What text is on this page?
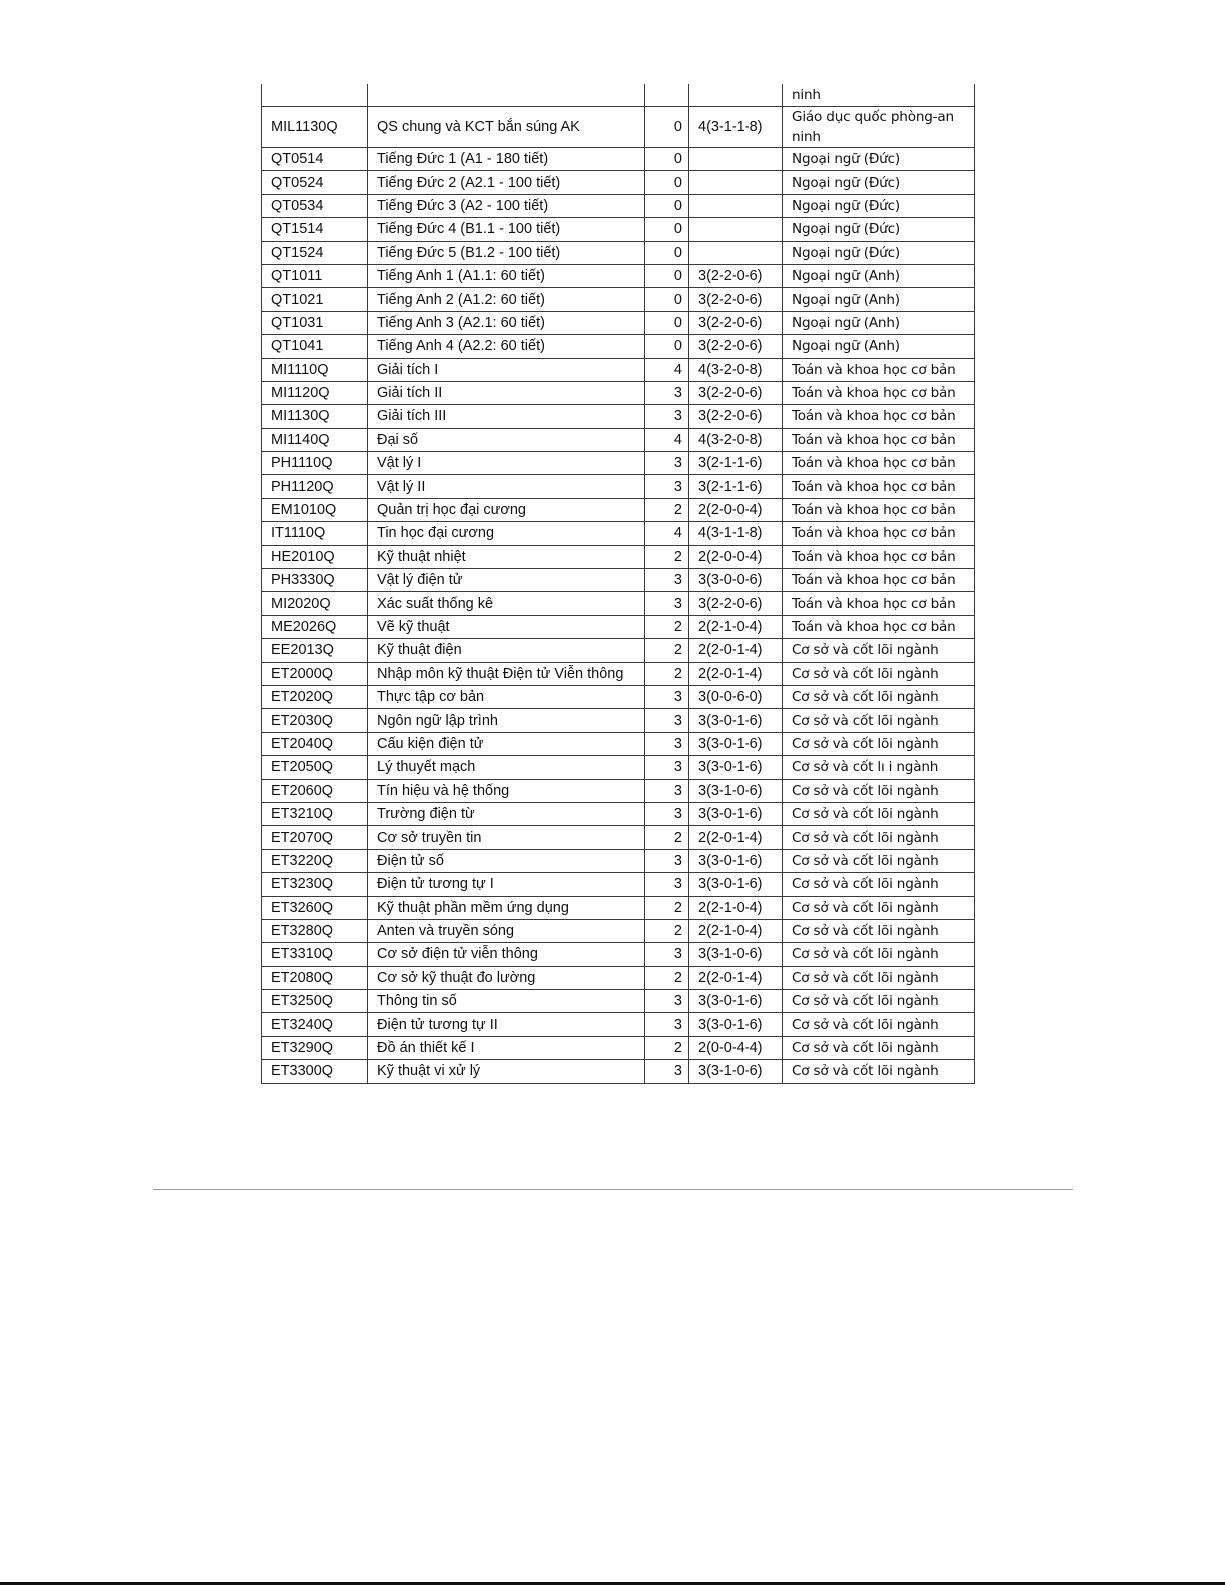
				ninh
MIL1130Q	QS chung và KCT bắn súng AK	0	4(3-1-1-8)	Giáo dục quốc phòng-an ninh
QT0514	Tiếng Đức 1 (A1 - 180 tiết)	0		Ngoại ngữ (Đức)
QT0524	Tiếng Đức 2 (A2.1 - 100 tiết)	0		Ngoại ngữ (Đức)
QT0534	Tiếng Đức 3 (A2 - 100 tiết)	0		Ngoại ngữ (Đức)
QT1514	Tiếng Đức 4 (B1.1 - 100 tiết)	0		Ngoại ngữ (Đức)
QT1524	Tiếng Đức 5 (B1.2 - 100 tiết)	0		Ngoại ngữ (Đức)
QT1011	Tiếng Anh 1 (A1.1: 60 tiết)	0	3(2-2-0-6)	Ngoại ngữ (Anh)
QT1021	Tiếng Anh 2 (A1.2: 60 tiết)	0	3(2-2-0-6)	Ngoại ngữ (Anh)
QT1031	Tiếng Anh 3 (A2.1: 60 tiết)	0	3(2-2-0-6)	Ngoại ngữ (Anh)
QT1041	Tiếng Anh 4 (A2.2: 60 tiết)	0	3(2-2-0-6)	Ngoại ngữ (Anh)
MI1110Q	Giải tích I	4	4(3-2-0-8)	Toán và khoa học cơ bản
MI1120Q	Giải tích II	3	3(2-2-0-6)	Toán và khoa học cơ bản
MI1130Q	Giải tích III	3	3(2-2-0-6)	Toán và khoa học cơ bản
MI1140Q	Đại số	4	4(3-2-0-8)	Toán và khoa học cơ bản
PH1110Q	Vật lý I	3	3(2-1-1-6)	Toán và khoa học cơ bản
PH1120Q	Vật lý II	3	3(2-1-1-6)	Toán và khoa học cơ bản
EM1010Q	Quản trị học đại cương	2	2(2-0-0-4)	Toán và khoa học cơ bản
IT1110Q	Tin học đại cương	4	4(3-1-1-8)	Toán và khoa học cơ bản
HE2010Q	Kỹ thuật nhiệt	2	2(2-0-0-4)	Toán và khoa học cơ bản
PH3330Q	Vật lý điện tử	3	3(3-0-0-6)	Toán và khoa học cơ bản
MI2020Q	Xác suất thống kê	3	3(2-2-0-6)	Toán và khoa học cơ bản
ME2026Q	Vẽ kỹ thuật	2	2(2-1-0-4)	Toán và khoa học cơ bản
EE2013Q	Kỹ thuật điện	2	2(2-0-1-4)	Cơ sở và cốt lõi ngành
ET2000Q	Nhập môn kỹ thuật Điện tử Viễn thông	2	2(2-0-1-4)	Cơ sở và cốt lõi ngành
ET2020Q	Thực tập cơ bản	3	3(0-0-6-0)	Cơ sở và cốt lõi ngành
ET2030Q	Ngôn ngữ lập trình	3	3(3-0-1-6)	Cơ sở và cốt lõi ngành
ET2040Q	Cấu kiện điện tử	3	3(3-0-1-6)	Cơ sở và cốt lõi ngành
ET2050Q	Lý thuyết mạch	3	3(3-0-1-6)	Cơ sở và cốt lı i ngành
ET2060Q	Tín hiệu và hệ thống	3	3(3-1-0-6)	Cơ sở và cốt lõi ngành
ET3210Q	Trường điện từ	3	3(3-0-1-6)	Cơ sở và cốt lõi ngành
ET2070Q	Cơ sở truyền tin	2	2(2-0-1-4)	Cơ sở và cốt lõi ngành
ET3220Q	Điện tử số	3	3(3-0-1-6)	Cơ sở và cốt lõi ngành
ET3230Q	Điện tử tương tự I	3	3(3-0-1-6)	Cơ sở và cốt lõi ngành
ET3260Q	Kỹ thuật phần mềm ứng dụng	2	2(2-1-0-4)	Cơ sở và cốt lõi ngành
ET3280Q	Anten và truyền sóng	2	2(2-1-0-4)	Cơ sở và cốt lõi ngành
ET3310Q	Cơ sở điện tử viễn thông	3	3(3-1-0-6)	Cơ sở và cốt lõi ngành
ET2080Q	Cơ sở kỹ thuật đo lường	2	2(2-0-1-4)	Cơ sở và cốt lõi ngành
ET3250Q	Thông tin số	3	3(3-0-1-6)	Cơ sở và cốt lõi ngành
ET3240Q	Điện tử tương tự II	3	3(3-0-1-6)	Cơ sở và cốt lõi ngành
ET3290Q	Đồ án thiết kế I	2	2(0-0-4-4)	Cơ sở và cốt lõi ngành
ET3300Q	Kỹ thuật vi xử lý	3	3(3-1-0-6)	Cơ sở và cốt lõi ngành
